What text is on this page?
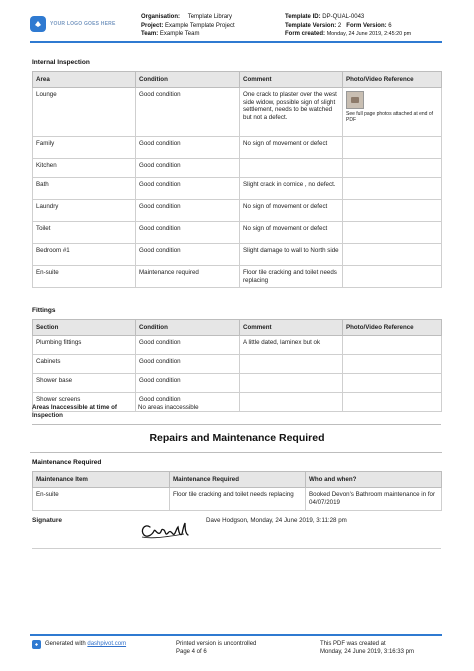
YOUR LOGO GOES HERE
Organisation:  Template Library
Project: Example Template Project
Team: Example Team
Template ID: DP-QUAL-0043
Template Version: 2 Form Version: 6
Form created: Monday, 24 June 2019, 2:45:20 pm
Internal Inspection
Area	Condition	Comment	Photo/Video Reference
Lounge	Good condition	One crack to plaster over the west side widow, possible sign of slight settlement, needs to be watched but not a defect.	See full page photos attached at end of PDF

Family	Good condition	No sign of movement or defect	
Kitchen	Good condition		
Bath	Good condition	Slight crack in cornice , no defect.	
Laundry	Good condition	No sign of movement or defect	
Toilet	Good condition	No sign of movement or defect	
Bedroom #1	Good condition	Slight damage to wall to North side	
En-suite	Maintenance required	Floor tile cracking and toilet needs replacing	
Fittings
Section	Condition	Comment	Photo/Video Reference
Plumbing fittings	Good condition	A little dated, laminex but ok	
Cabinets	Good condition		
Shower base	Good condition		
Shower screens	Good condition		
Areas Inaccessible at time of Inspection
No areas inaccessible
Repairs and Maintenance Required
Maintenance Required
Maintenance Item	Maintenance Required	Who and when?
En-suite	Floor tile cracking and toilet needs replacing	Booked Devon's Bathroom maintenance in for 04/07/2019
Signature	Dave Hodgson, Monday, 24 June 2019, 3:11:28 pm
Generated with
dashpivot.com	Printed version is uncontrolled
Page 4 of 6
This PDF was created at
Monday, 24 June 2019, 3:16:33 pm
